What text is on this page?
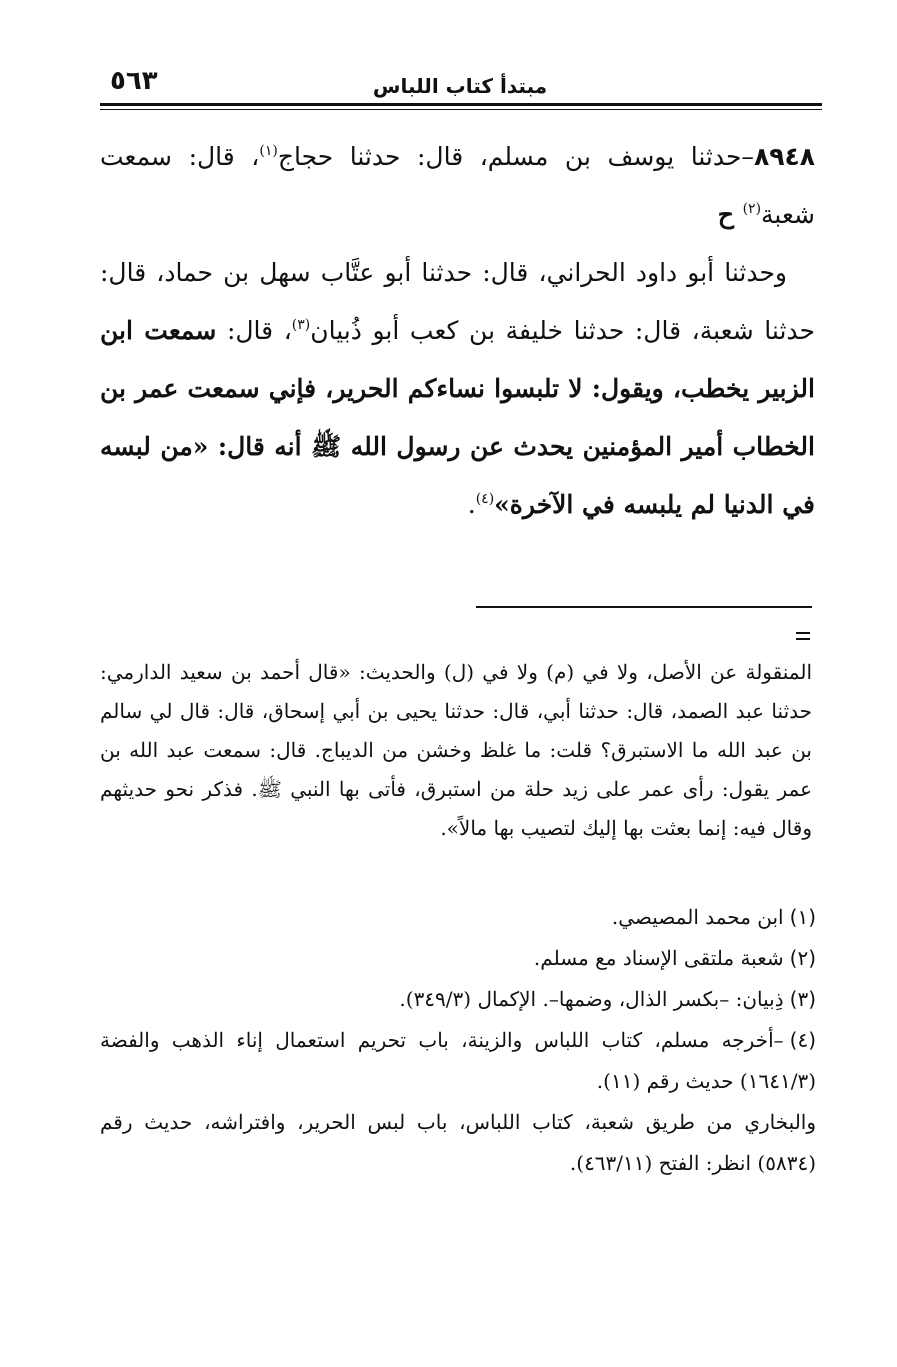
٥٦٣	مبتدأ كتاب اللباس

٨٩٤٨–حدثنا يوسف بن مسلم، قال: حدثنا حجاج$^{(١)}$، قال: سمعت شعبة$^{(٢)}$ ح

وحدثنا أبو داود الحراني، قال: حدثنا أبو عتَّاب سهل بن حماد، قال: حدثنا شعبة، قال: حدثنا خليفة بن كعب أبو ذُبيان$^{(٣)}$، قال: سمعت ابن الزبير يخطب، ويقول: لا تلبسوا نساءكم الحرير، فإني سمعت عمر بن الخطاب أمير المؤمنين يحدث عن رسول الله ﷺ أنه قال: «من لبسه في الدنيا لم يلبسه في الآخرة»$^{(٤)}$.

المنقولة عن الأصل، ولا في (م) ولا في (ل) والحديث: «قال أحمد بن سعيد الدارمي: حدثنا عبد الصمد، قال: حدثنا أبي، قال: حدثنا يحيى بن أبي إسحاق، قال: قال لي سالم بن عبد الله ما الاستبرق؟ قلت: ما غلظ وخشن من الديباج. قال: سمعت عبد الله بن عمر يقول: رأى عمر على زيد حلة من استبرق، فأتى بها النبي ﷺ. فذكر نحو حديثهم وقال فيه: إنما بعثت بها إليك لتصيب بها مالاً».

(١)ابن محمد المصيصي.
(٢)شعبة ملتقى الإسناد مع مسلم.
(٣)ذِبيان: –بكسر الذال، وضمها–. الإكمال (٣٤٩/٣).
(٤)–أخرجه مسلم، كتاب اللباس والزينة، باب تحريم استعمال إناء الذهب والفضة (١٦٤١/٣) حديث رقم (١١).
والبخاري من طريق شعبة، كتاب اللباس، باب لبس الحرير، وافتراشه، حديث رقم (٥٨٣٤) انظر: الفتح (٤٦٣/١١).
